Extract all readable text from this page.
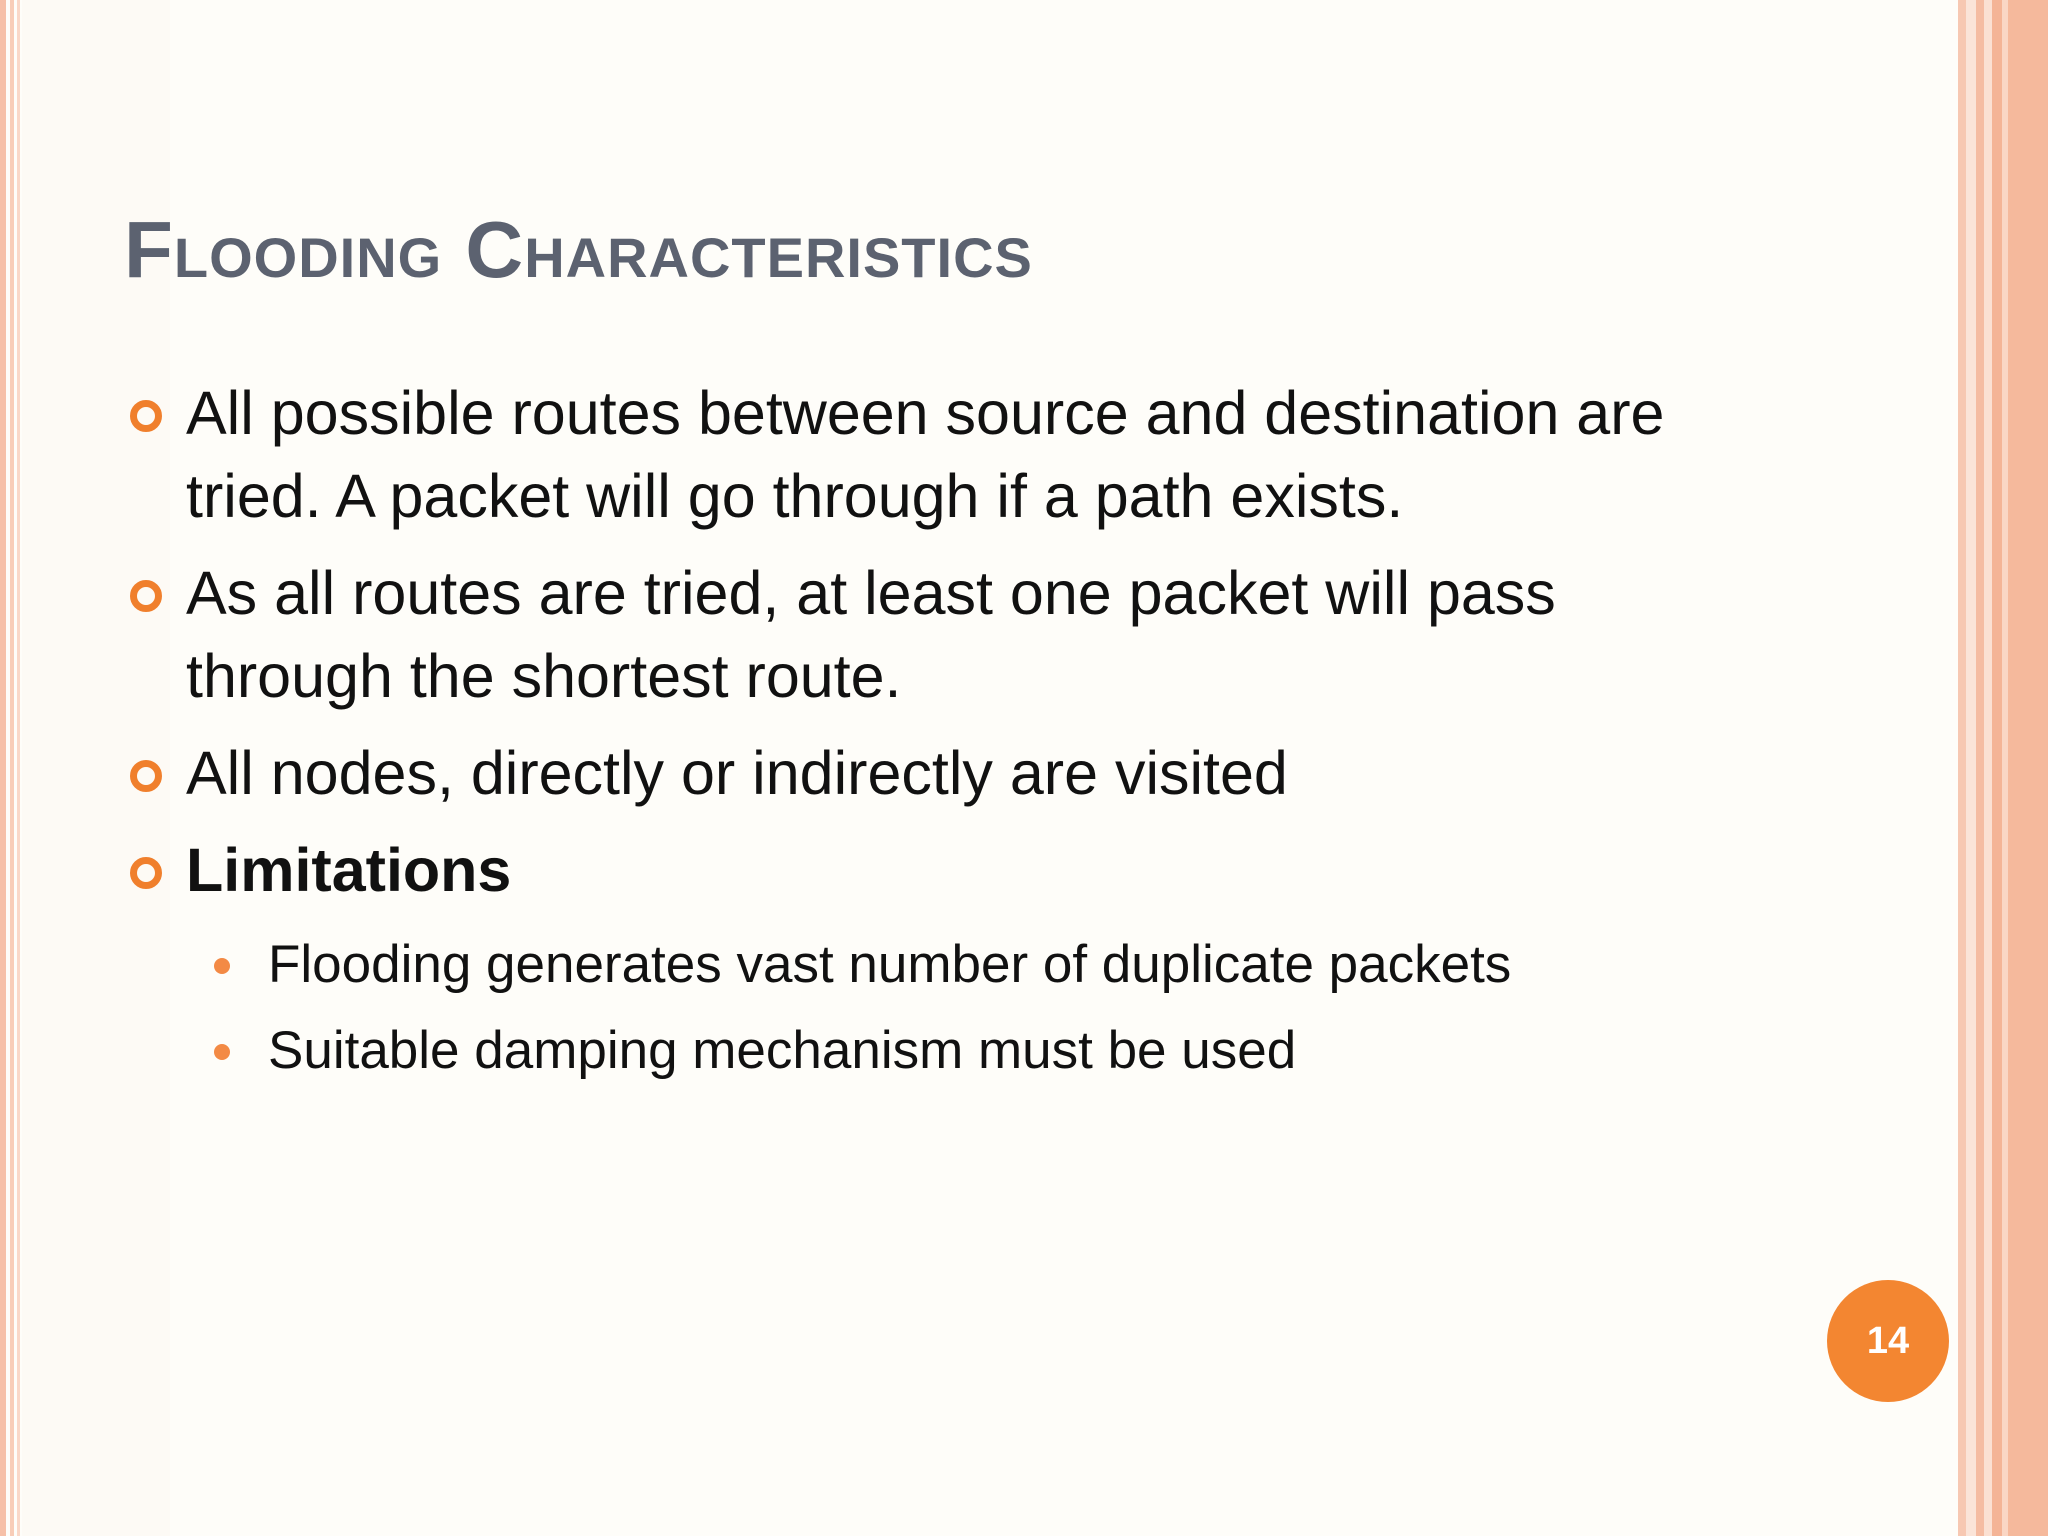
Flooding Characteristics
All possible routes between source and destination are tried. A packet will go through if a path exists.
As all routes are tried, at least one packet will pass through the shortest route.
All nodes, directly or indirectly are visited
Limitations
Flooding generates vast number of duplicate packets
Suitable damping mechanism must be used
14
